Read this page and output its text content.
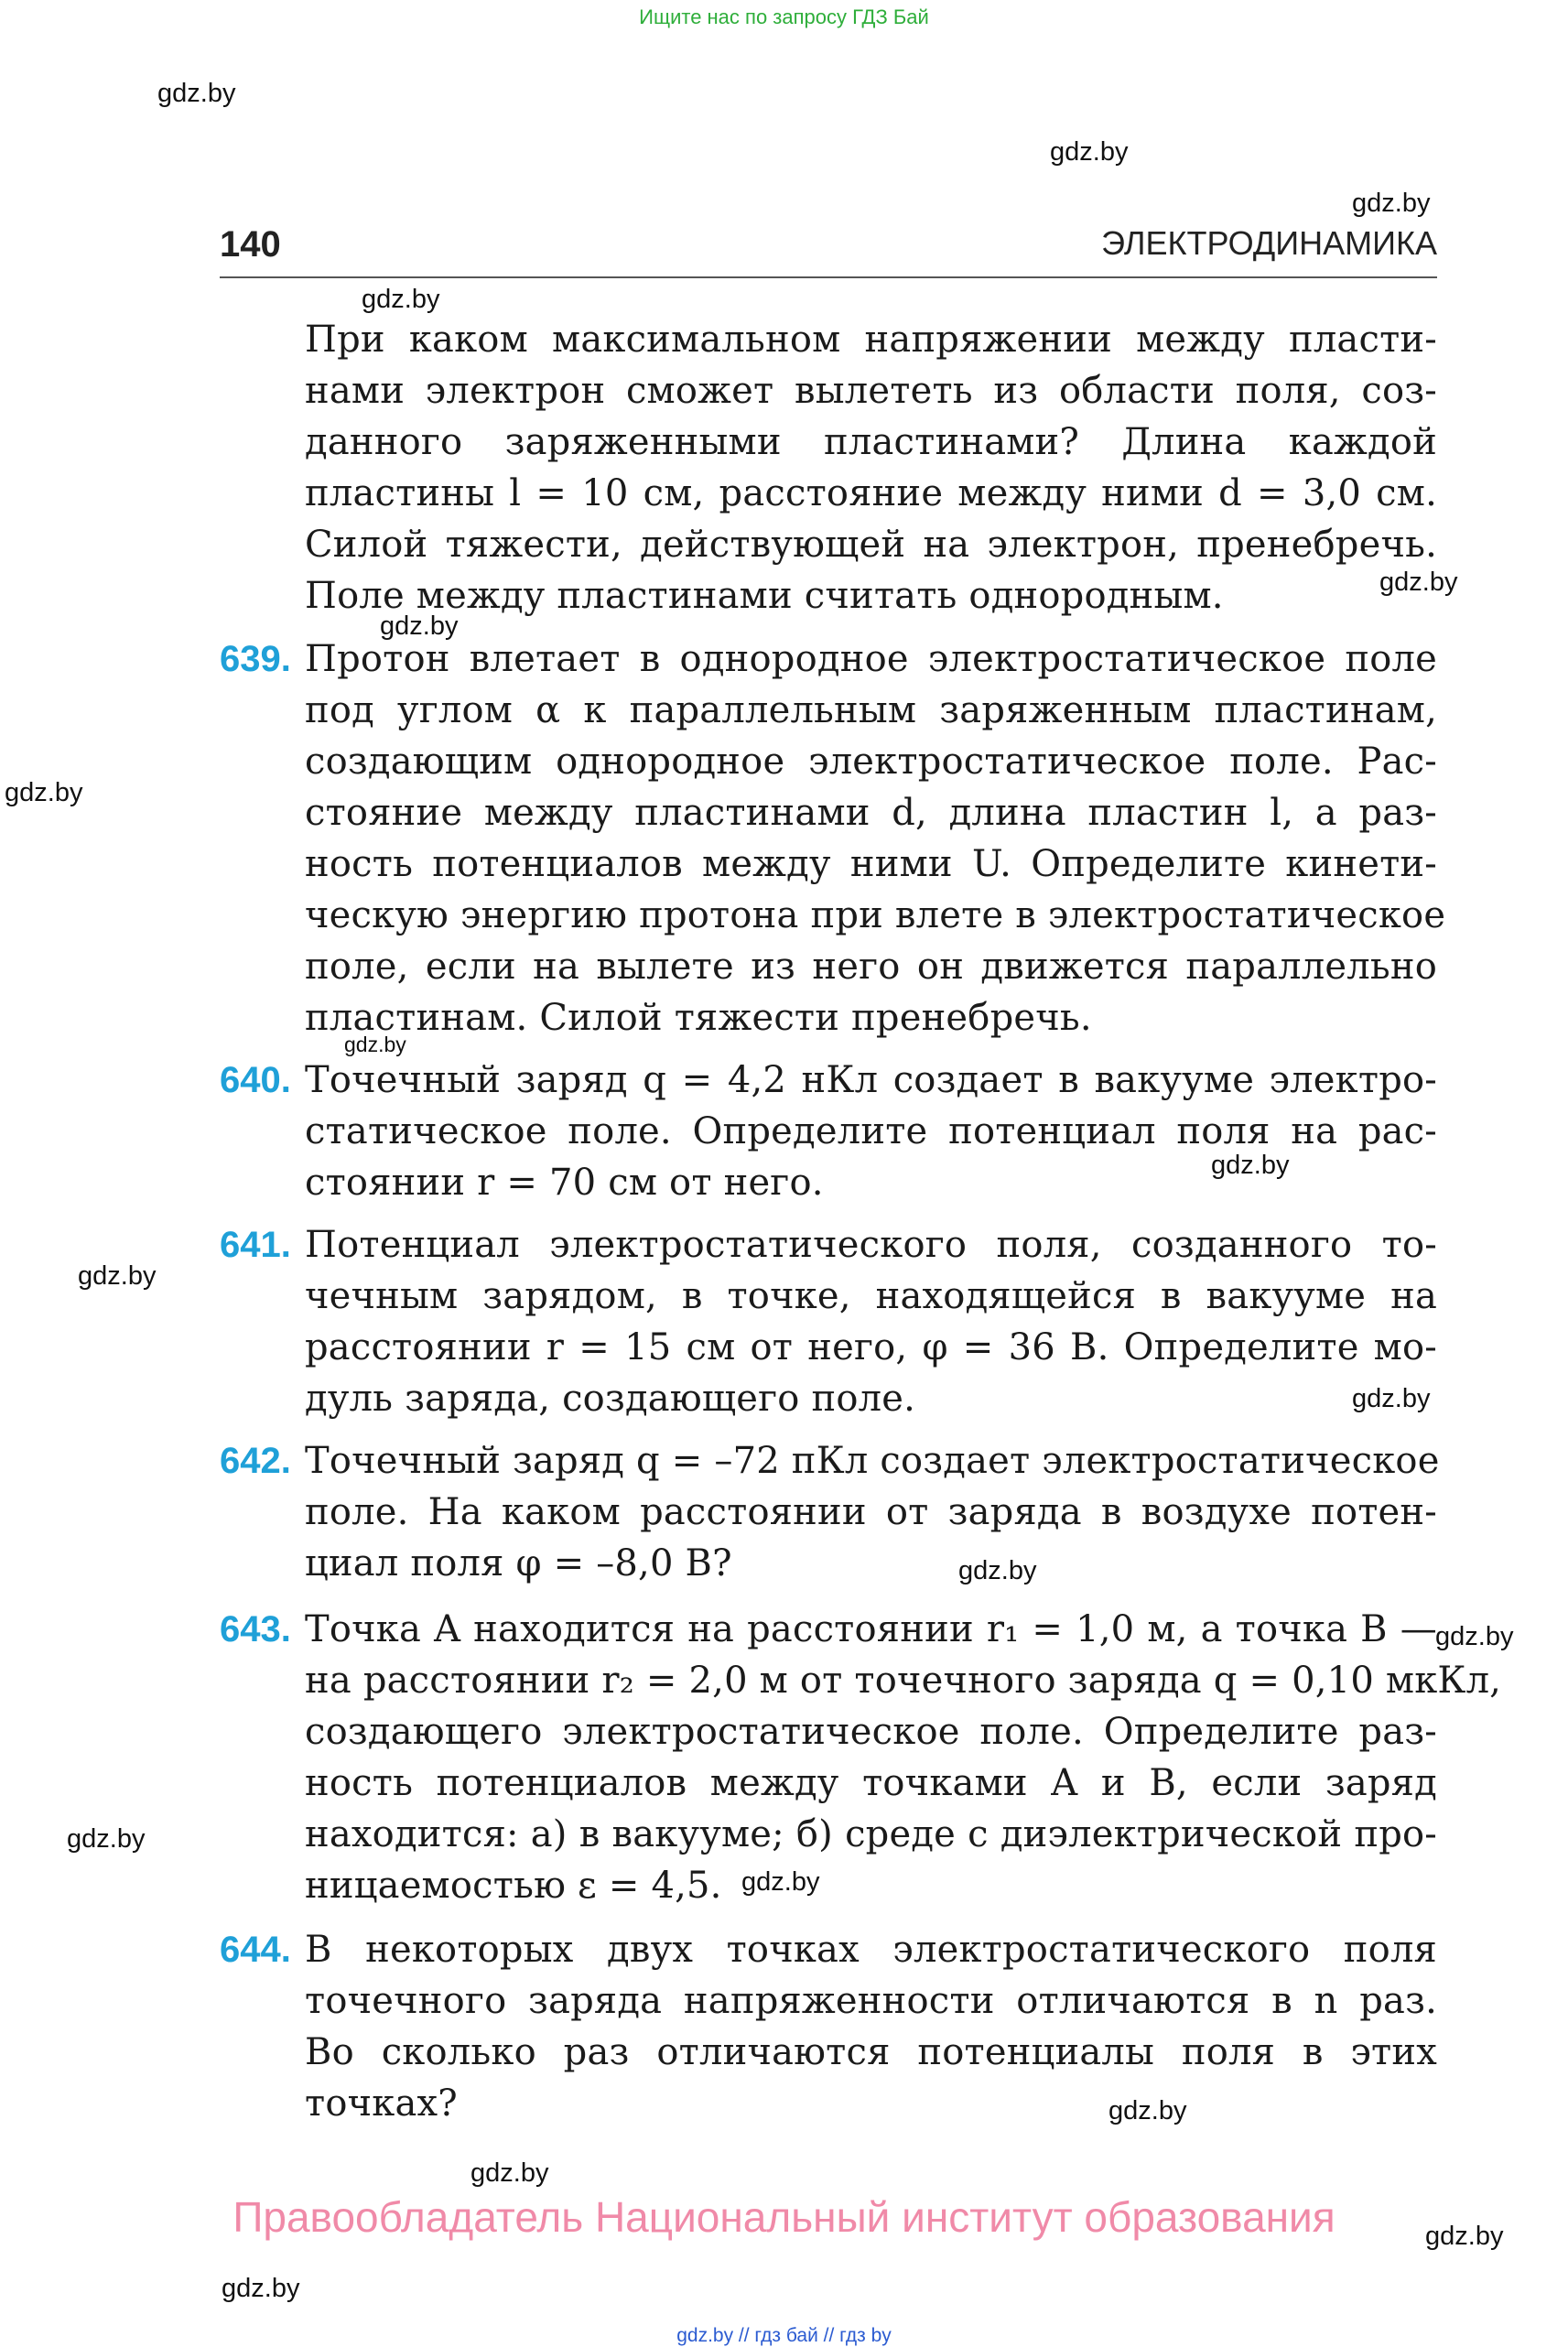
Ищите нас по запросу ГДЗ Бай
gdz.by
gdz.by
gdz.by
gdz.by
gdz.by
gdz.by
gdz.by
gdz.by
gdz.by
gdz.by
gdz.by
gdz.by
gdz.by
gdz.by
gdz.by
gdz.by
gdz.by
gdz.by
gdz.by
140	ЭЛЕКТРОДИНАМИКА
При каком максимальном напряжении между пласти-
нами электрон сможет вылететь из области поля, соз-
данного заряженными пластинами? Длина каждой
пластины l = 10 см, расстояние между ними d = 3,0 см.
Силой тяжести, действующей на электрон, пренебречь.
Поле между пластинами считать однородным.
639. Протон влетает в однородное электростатическое поле
под углом α к параллельным заряженным пластинам,
создающим однородное электростатическое поле. Рас-
стояние между пластинами d, длина пластин l, а раз-
ность потенциалов между ними U. Определите кинети-
ческую энергию протона при влете в электростатическое
поле, если на вылете из него он движется параллельно
пластинам. Силой тяжести пренебречь.
640. Точечный заряд q = 4,2 нКл создает в вакууме электро-
статическое поле. Определите потенциал поля на рас-
стоянии r = 70 см от него.
641. Потенциал электростатического поля, созданного то-
чечным зарядом, в точке, находящейся в вакууме на
расстоянии r = 15 см от него, φ = 36 В. Определите мо-
дуль заряда, создающего поле.
642. Точечный заряд q = –72 пКл создает электростатическое
поле. На каком расстоянии от заряда в воздухе потен-
циал поля φ = –8,0 В?
643. Точка A находится на расстоянии r₁ = 1,0 м, а точка B —
на расстоянии r₂ = 2,0 м от точечного заряда q = 0,10 мкКл,
создающего электростатическое поле. Определите раз-
ность потенциалов между точками A и B, если заряд
находится: а) в вакууме; б) среде с диэлектрической про-
ницаемостью ε = 4,5.
644. В некоторых двух точках электростатического поля
точечного заряда напряженности отличаются в n раз.
Во сколько раз отличаются потенциалы поля в этих
точках?
Правообладатель Национальный институт образования
gdz.by // гдз бай // гдз by
